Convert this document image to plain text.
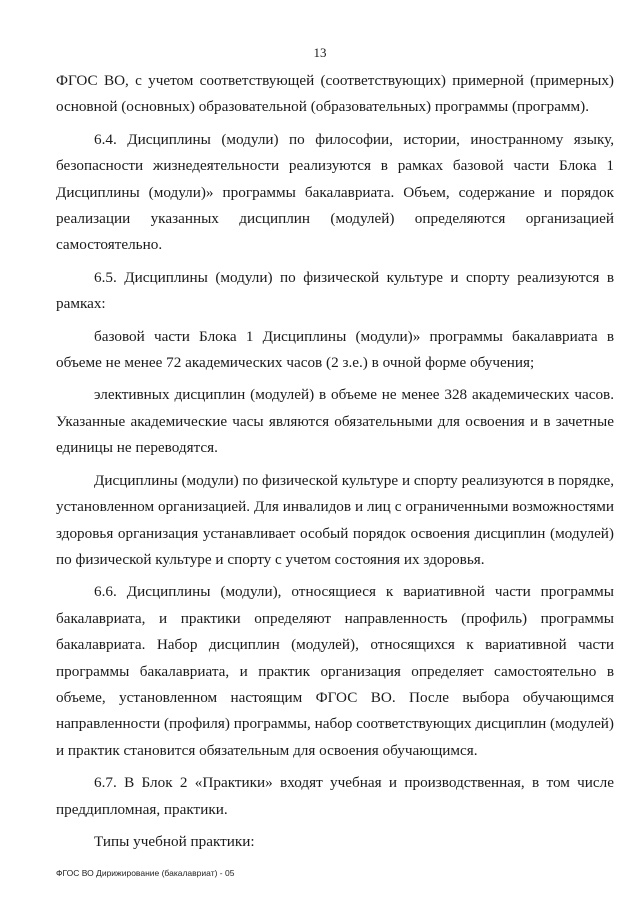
13

ФГОС ВО, с учетом соответствующей (соответствующих) примерной (примерных) основной (основных) образовательной (образовательных) программы (программ).

6.4. Дисциплины (модули) по философии, истории, иностранному языку, безопасности жизнедеятельности реализуются в рамках базовой части Блока 1 Дисциплины (модули)» программы бакалавриата. Объем, содержание и порядок реализации указанных дисциплин (модулей) определяются организацией самостоятельно.

6.5. Дисциплины (модули) по физической культуре и спорту реализуются в рамках:

базовой части Блока 1 Дисциплины (модули)» программы бакалавриата в объеме не менее 72 академических часов (2 з.е.) в очной форме обучения;

элективных дисциплин (модулей) в объеме не менее 328 академических часов. Указанные академические часы являются обязательными для освоения и в зачетные единицы не переводятся.

Дисциплины (модули) по физической культуре и спорту реализуются в порядке, установленном организацией. Для инвалидов и лиц с ограниченными возможностями здоровья организация устанавливает особый порядок освоения дисциплин (модулей) по физической культуре и спорту с учетом состояния их здоровья.

6.6. Дисциплины (модули), относящиеся к вариативной части программы бакалавриата, и практики определяют направленность (профиль) программы бакалавриата. Набор дисциплин (модулей), относящихся к вариативной части программы бакалавриата, и практик организация определяет самостоятельно в объеме, установленном настоящим ФГОС ВО. После выбора обучающимся направленности (профиля) программы, набор соответствующих дисциплин (модулей) и практик становится обязательным для освоения обучающимся.

6.7. В Блок 2 «Практики» входят учебная и производственная, в том числе преддипломная, практики.

Типы учебной практики:

ФГОС ВО Дирижирование (бакалавриат) - 05
